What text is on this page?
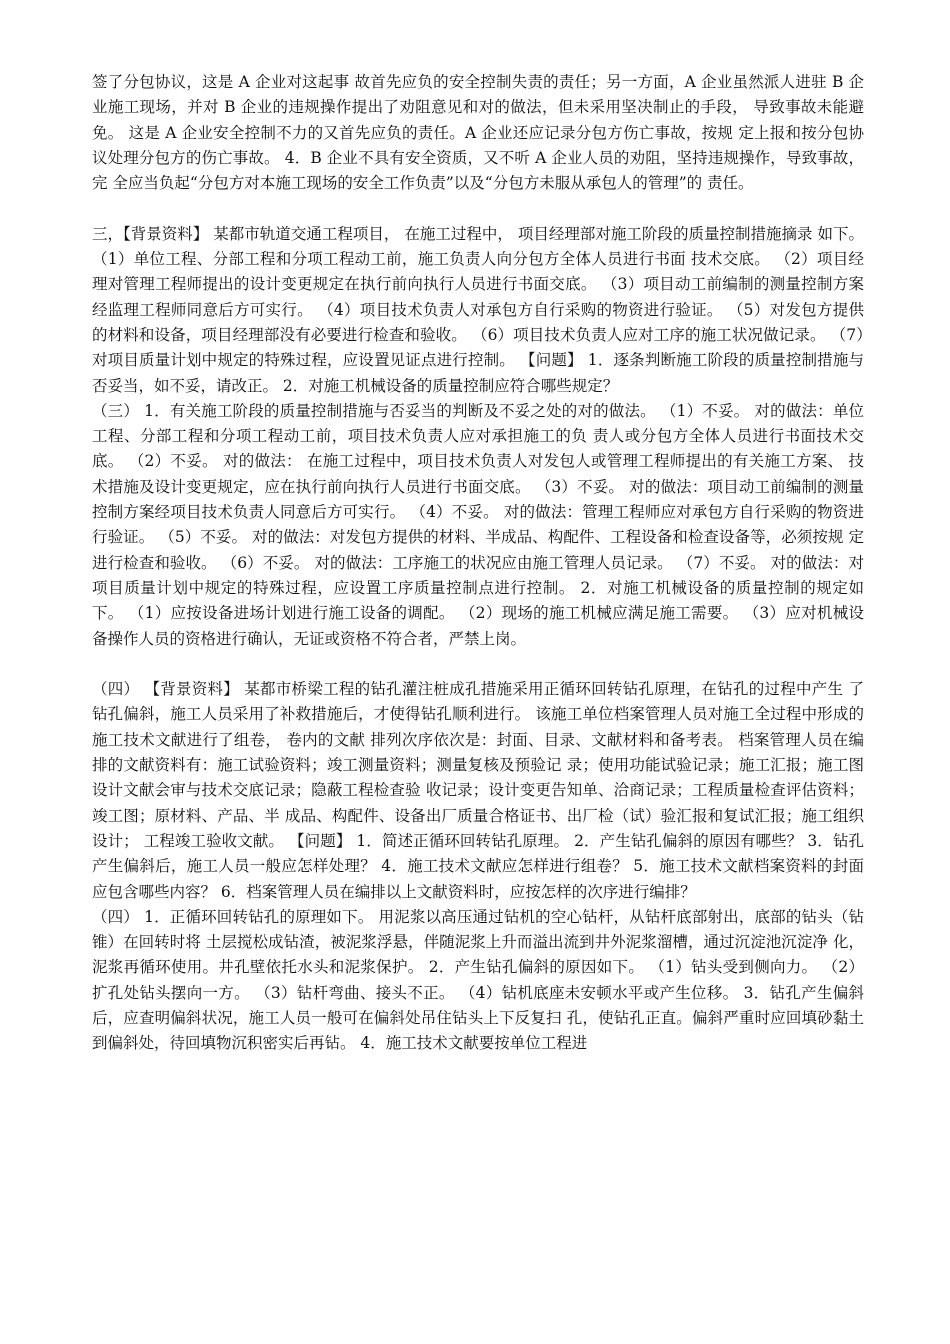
签了分包协议，这是 A 企业对这起事 故首先应负的安全控制失责的责任；另一方面，A 企业虽然派人进驻 B 企业施工现场，并对 B 企业的违规操作提出了劝阻意见和对的做法，但未采用坚决制止的手段， 导致事故未能避免。 这是 A 企业安全控制不力的又首先应负的责任。A 企业还应记录分包方伤亡事故，按规 定上报和按分包协议处理分包方的伤亡事故。 4．B 企业不具有安全资质，又不听 A 企业人员的劝阻，坚持违规操作，导致事故，完 全应当负起“分包方对本施工现场的安全工作负责”以及“分包方未服从承包人的管理”的 责任。

三，【背景资料】 某都市轨道交通工程项目， 在施工过程中， 项目经理部对施工阶段的质量控制措施摘录 如下。 （1）单位工程、分部工程和分项工程动工前，施工负责人向分包方全体人员进行书面 技术交底。 （2）项目经理对管理工程师提出的设计变更规定在执行前向执行人员进行书面交底。 （3）项目动工前编制的测量控制方案经监理工程师同意后方可实行。 （4）项目技术负责人对承包方自行采购的物资进行验证。 （5）对发包方提供的材料和设备，项目经理部没有必要进行检查和验收。 （6）项目技术负责人应对工序的施工状况做记录。 （7）对项目质量计划中规定的特殊过程，应设置见证点进行控制。 【问题】 1．逐条判断施工阶段的质量控制措施与否妥当，如不妥，请改正。 2．对施工机械设备的质量控制应符合哪些规定？

（三） 1．有关施工阶段的质量控制措施与否妥当的判断及不妥之处的对的做法。 （1）不妥。 对的做法：单位工程、分部工程和分项工程动工前，项目技术负责人应对承担施工的负 责人或分包方全体人员进行书面技术交底。 （2）不妥。 对的做法： 在施工过程中，项目技术负责人对发包人或管理工程师提出的有关施工方案、 技术措施及设计变更规定，应在执行前向执行人员进行书面交底。 （3）不妥。 对的做法：项目动工前编制的测量控制方案经项目技术负责人同意后方可实行。 （4）不妥。 对的做法：管理工程师应对承包方自行采购的物资进行验证。 （5）不妥。 对的做法：对发包方提供的材料、半成品、构配件、工程设备和检查设备等，必须按规 定进行检查和验收。 （6）不妥。 对的做法：工序施工的状况应由施工管理人员记录。 （7）不妥。 对的做法：对项目质量计划中规定的特殊过程，应设置工序质量控制点进行控制。 2．对施工机械设备的质量控制的规定如下。 （1）应按设备进场计划进行施工设备的调配。 （2）现场的施工机械应满足施工需要。 （3）应对机械设备操作人员的资格进行确认，无证或资格不符合者，严禁上岗。

（四） 【背景资料】 某都市桥梁工程的钻孔灌注桩成孔措施采用正循环回转钻孔原理，在钻孔的过程中产生 了钻孔偏斜，施工人员采用了补救措施后，才使得钻孔顺利进行。 该施工单位档案管理人员对施工全过程中形成的施工技术文献进行了组卷， 卷内的文献 排列次序依次是：封面、目录、文献材料和备考表。 档案管理人员在编排的文献资料有：施工试验资料；竣工测量资料；测量复核及预验记 录；使用功能试验记录；施工汇报；施工图设计文献会审与技术交底记录；隐蔽工程检查验 收记录；设计变更告知单、洽商记录；工程质量检查评估资料；竣工图；原材料、产品、半 成品、构配件、设备出厂质量合格证书、出厂检（试）验汇报和复试汇报；施工组织设计； 工程竣工验收文献。 【问题】 1．简述正循环回转钻孔原理。 2．产生钻孔偏斜的原因有哪些？ 3．钻孔产生偏斜后，施工人员一般应怎样处理？ 4．施工技术文献应怎样进行组卷？ 5．施工技术文献档案资料的封面应包含哪些内容？ 6．档案管理人员在编排以上文献资料时，应按怎样的次序进行编排？

（四） 1．正循环回转钻孔的原理如下。 用泥浆以高压通过钻机的空心钻杆，从钻杆底部射出，底部的钻头（钻锥）在回转时将 土层搅松成钻渣，被泥浆浮悬，伴随泥浆上升而溢出流到井外泥浆溜槽，通过沉淀池沉淀净 化，泥浆再循环使用。井孔壁依托水头和泥浆保护。 2．产生钻孔偏斜的原因如下。 （1）钻头受到侧向力。 （2）扩孔处钻头摆向一方。 （3）钻杆弯曲、接头不正。 （4）钻机底座未安顿水平或产生位移。 3．钻孔产生偏斜后，应查明偏斜状况，施工人员一般可在偏斜处吊住钻头上下反复扫 孔，使钻孔正直。偏斜严重时应回填砂黏土到偏斜处，待回填物沉积密实后再钻。 4．施工技术文献要按单位工程进
